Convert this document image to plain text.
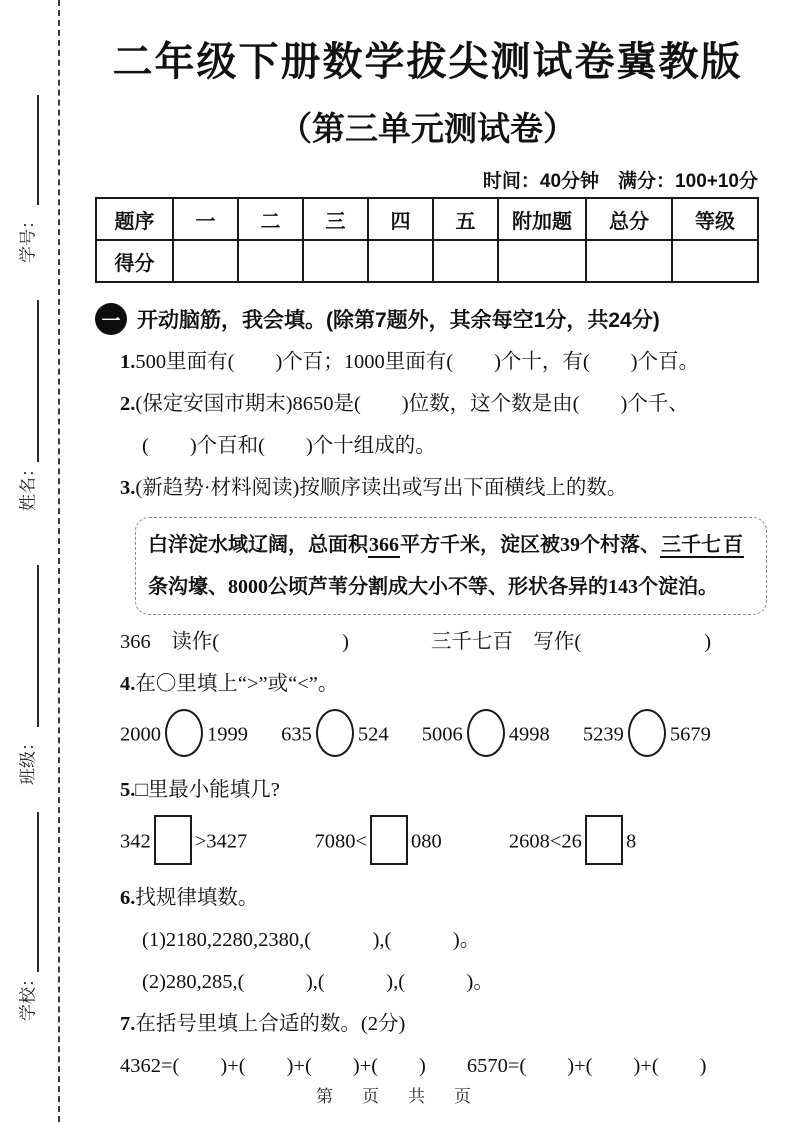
学号：
姓名：
班级：
学校：
二年级下册数学拔尖测试卷冀教版
（第三单元测试卷）
时间：40分钟　满分：100+10分
题序	一	二	三	四	五	附加题	总分	等级
得分								
一 开动脑筋，我会填。(除第7题外，其余每空1分，共24分)
1.500里面有(　　)个百；1000里面有(　　)个十，有(　　)个百。
2.(保定安国市期末)8650是(　　)位数，这个数是由(　　)个千、
(　　)个百和(　　)个十组成的。
3.(新趋势·材料阅读)按顺序读出或写出下面横线上的数。
白洋淀水域辽阔，总面积366平方千米，淀区被39个村落、三千七 百条沟壕、8000公顷芦苇分割成大小不等、形状各异的143个淀泊。
366　读作(　　　　　　)　　　　三千七百　写作(　　　　　　)
4.在〇里填上“>”或“<”。
2000 1999 635 524 5006 4998 5239 5679
5.□里最小能填几?
342 >3427	7080< 080	2608<26 8
6.找规律填数。
(1)2180,2280,2380,(　　　),(　　　)。
(2)280,285,(　　　),(　　　),(　　　)。
7.在括号里填上合适的数。(2分)
4362=(　　)+(　　)+(　　)+(　　)　　6570=(　　)+(　　)+(　　)
第　页　共　页
